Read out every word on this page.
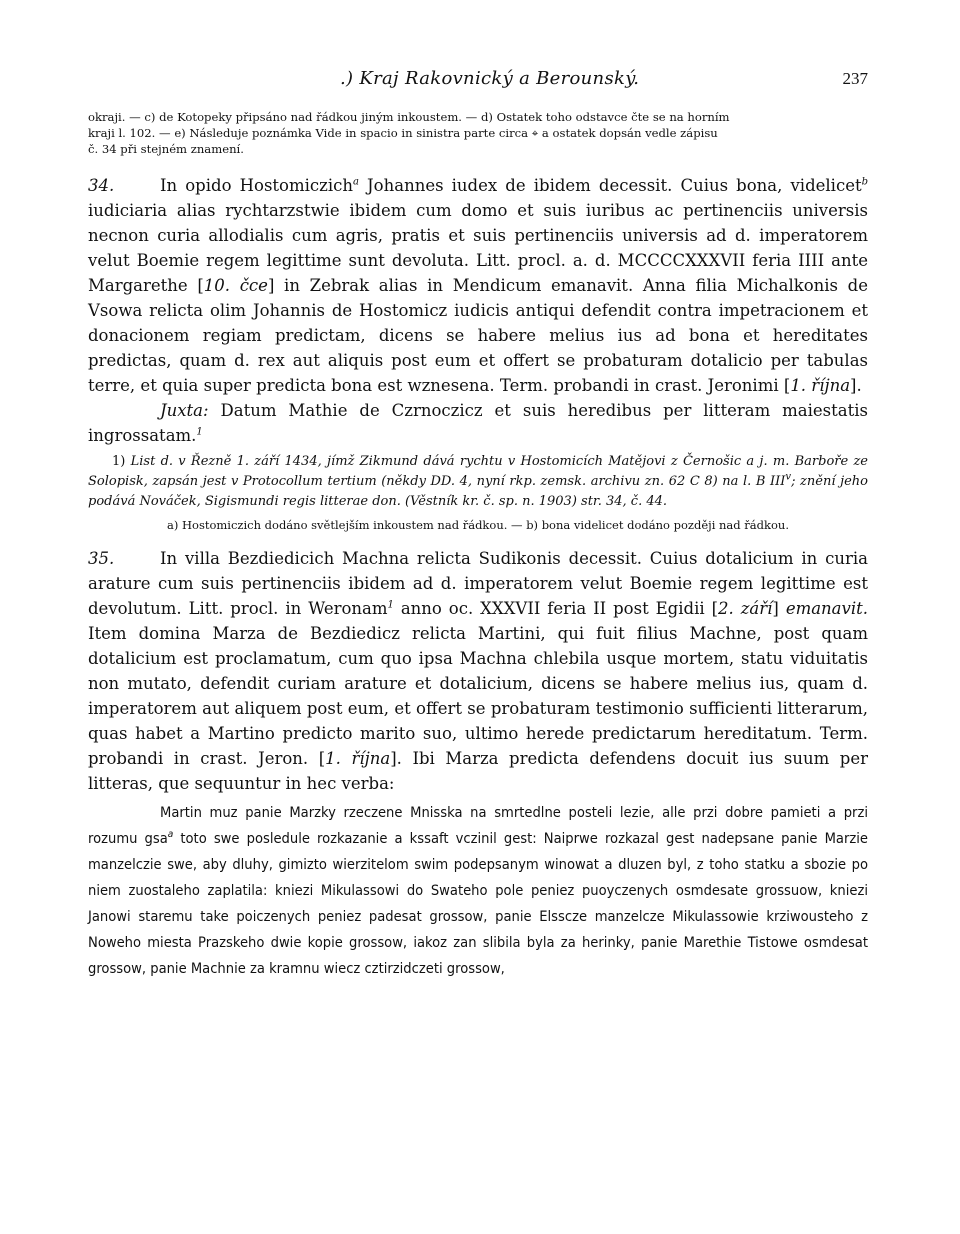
.) Kraj Rakovnický a Berounský.	237
okraji. — c) de Kotopeky připsáno nad řádkou jiným inkoustem. — d) Ostatek toho odstavce čte se na horním
kraji l. 102. — e) Následuje poznámka Vide in spacio in sinistra parte circa ⌖ a ostatek dopsán vedle zápisu
č. 34 při stejném znamení.

34.	In opido Hostomiczich$^a$ Johannes iudex de ibidem decessit. Cuius bona, videlicet$^b$ iudiciaria alias rychtarzstwie ibidem cum domo et suis iuribus ac pertinenciis universis necnon curia allodialis cum agris, pratis et suis pertinenciis universis ad d. imperatorem velut Boemie regem legittime sunt devoluta. Litt. procl. a. d. MCCCCXXXVII feria IIII ante Margarethe [10. čce] in Zebrak alias in Mendicum emanavit. Anna filia Michalkonis de Vsowa relicta olim Johannis de Hostomicz iudicis antiqui defendit contra impetracionem et donacionem regiam predictam, dicens se habere melius ius ad bona et hereditates predictas, quam d. rex aut aliquis post eum et offert se probaturam dotalicio per tabulas terre, et quia super predicta bona est wznesena. Term. probandi in crast. Jeronimi [1. října].

Juxta: Datum Mathie de Czrnoczicz et suis heredibus per litteram maiestatis ingrossatam.$^1$

1) List d. v Řezně 1. září 1434, jímž Zikmund dává rychtu v Hostomicích Matějovi z Černošic a j. m. Barboře ze Solopisk, zapsán jest v Protocollum tertium (někdy DD. 4, nyní rkp. zemsk. archivu zn. 62 C 8) na l. B III$^v$; znění jeho podává Nováček, Sigismundi regis litterae don. (Věstník kr. č. sp. n. 1903) str. 34, č. 44.

a) Hostomiczich dodáno světlejším inkoustem nad řádkou. — b) bona videlicet dodáno později nad řádkou.

35.	In villa Bezdiedicich Machna relicta Sudikonis decessit. Cuius dotalicium in curia arature cum suis pertinenciis ibidem ad d. imperatorem velut Boemie regem legittime est devolutum. Litt. procl. in Weronam$^1$ anno oc. XXXVII feria II post Egidii [2. září] emanavit. Item domina Marza de Bezdiedicz relicta Martini, qui fuit filius Machne, post quam dotalicium est proclamatum, cum quo ipsa Machna chlebila usque mortem, statu viduitatis non mutato, defendit curiam arature et dotalicium, dicens se habere melius ius, quam d. imperatorem aut aliquem post eum, et offert se probaturam testimonio sufficienti litterarum, quas habet a Martino predicto marito suo, ultimo herede predictarum hereditatum. Term. probandi in crast. Jeron. [1. října]. Ibi Marza predicta defendens docuit ius suum per litteras, que sequuntur in hec verba:

Martin muz panie Marzky rzeczene Mnisska na smrtedlne posteli lezie, alle przi dobre pamieti a przi rozumu gsa$^a$ toto swe posledule rozkazanie a kssaft vczinil gest: Naiprwe rozkazal gest nadepsane panie Marzie manzelczie swe, aby dluhy, gimizto wierzitelom swim podepsanym winowat a dluzen byl, z toho statku a sbozie po niem zuostaleho zaplatila: kniezi Mikulassowi do Swateho pole peniez puoyczenych osmdesate grossuow, kniezi Janowi staremu take poiczenych peniez padesat grossow, panie Elsscze manzelcze Mikulassowie krziwousteho z Noweho miesta Prazskeho dwie kopie grossow, iakoz zan slibila byla za herinky, panie Marethie Tistowe osmdesat grossow, panie Machnie za kramnu wiecz cztirzidczeti grossow,
